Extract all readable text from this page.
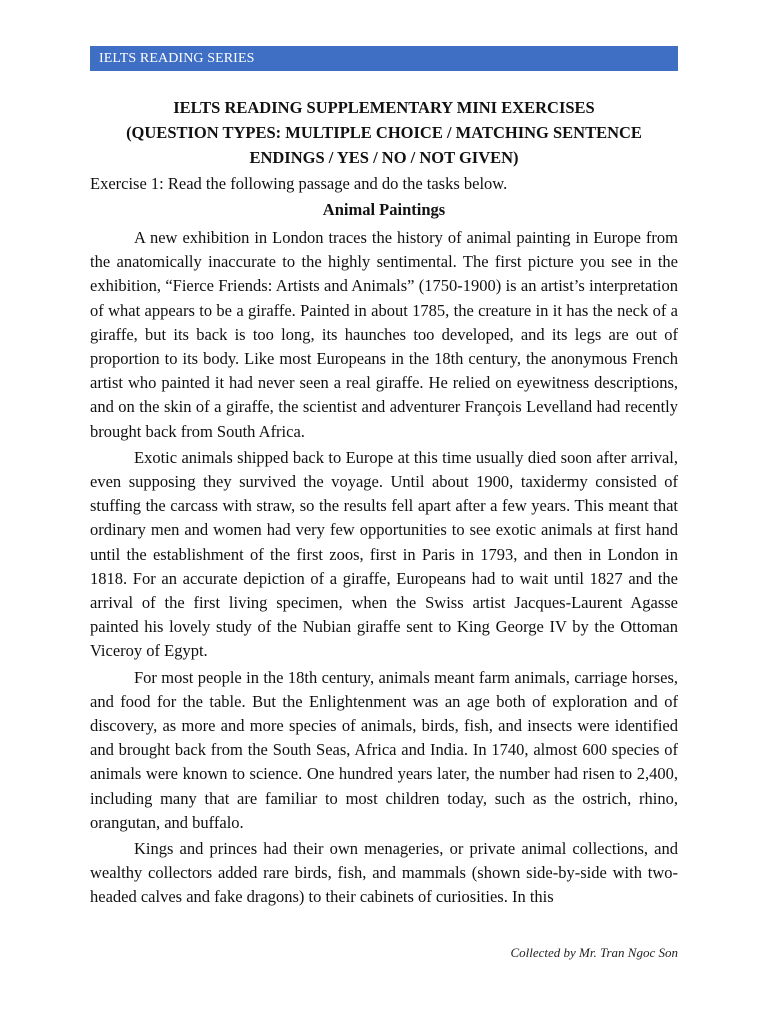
IELTS READING SERIES
IELTS READING SUPPLEMENTARY MINI EXERCISES
(QUESTION TYPES: MULTIPLE CHOICE / MATCHING SENTENCE
ENDINGS / YES / NO / NOT GIVEN)
Exercise 1: Read the following passage and do the tasks below.
Animal Paintings

A new exhibition in London traces the history of animal painting in Europe from the anatomically inaccurate to the highly sentimental. The first picture you see in the exhibition, “Fierce Friends: Artists and Animals” (1750-1900) is an artist’s interpretation of what appears to be a giraffe. Painted in about 1785, the creature in it has the neck of a giraffe, but its back is too long, its haunches too developed, and its legs are out of proportion to its body. Like most Europeans in the 18th century, the anonymous French artist who painted it had never seen a real giraffe. He relied on eyewitness descriptions, and on the skin of a giraffe, the scientist and adventurer François Levelland had recently brought back from South Africa.

Exotic animals shipped back to Europe at this time usually died soon after arrival, even supposing they survived the voyage. Until about 1900, taxidermy consisted of stuffing the carcass with straw, so the results fell apart after a few years. This meant that ordinary men and women had very few opportunities to see exotic animals at first hand until the establishment of the first zoos, first in Paris in 1793, and then in London in 1818. For an accurate depiction of a giraffe, Europeans had to wait until 1827 and the arrival of the first living specimen, when the Swiss artist Jacques-Laurent Agasse painted his lovely study of the Nubian giraffe sent to King George IV by the Ottoman Viceroy of Egypt.

For most people in the 18th century, animals meant farm animals, carriage horses, and food for the table. But the Enlightenment was an age both of exploration and of discovery, as more and more species of animals, birds, fish, and insects were identified and brought back from the South Seas, Africa and India. In 1740, almost 600 species of animals were known to science. One hundred years later, the number had risen to 2,400, including many that are familiar to most children today, such as the ostrich, rhino, orangutan, and buffalo.

Kings and princes had their own menageries, or private animal collections, and wealthy collectors added rare birds, fish, and mammals (shown side-by-side with two-headed calves and fake dragons) to their cabinets of curiosities. In this

Collected by Mr. Tran Ngoc Son
